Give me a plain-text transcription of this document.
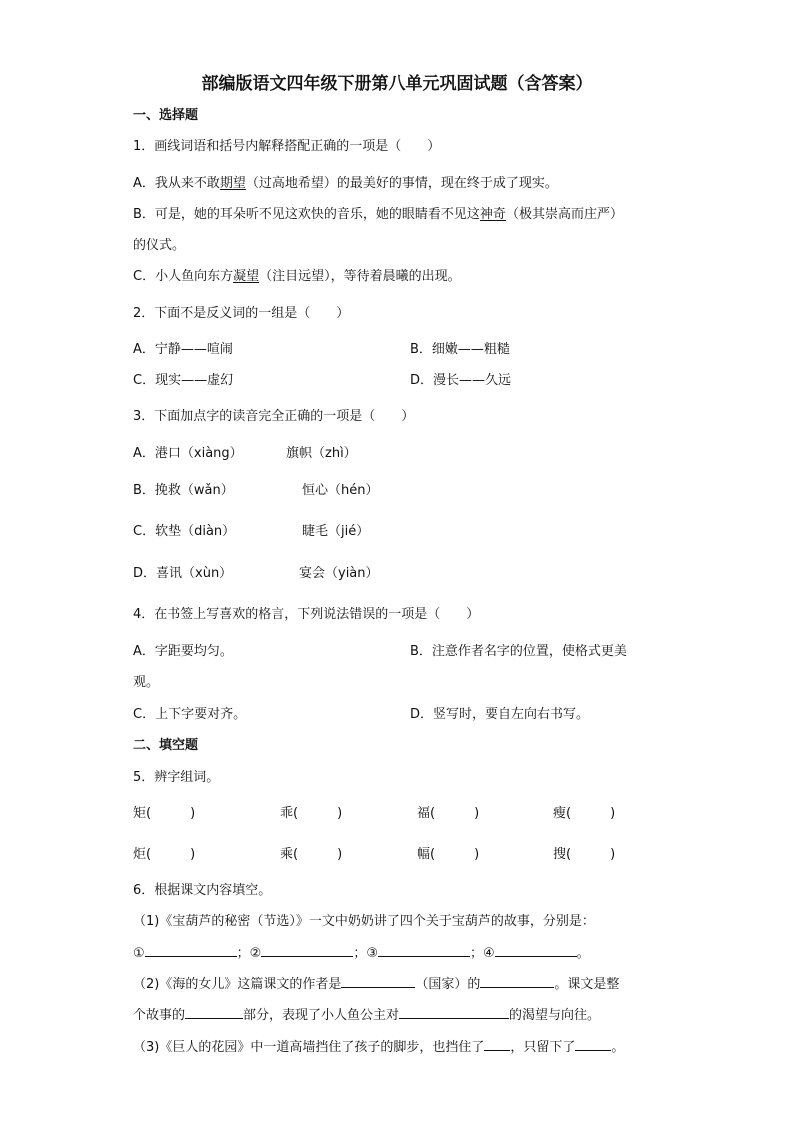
部编版语文四年级下册第八单元巩固试题（含答案）
一、选择题
1．画线词语和括号内解释搭配正确的一项是（　　）
A．我从来不敢期望（过高地希望）的最美好的事情，现在终于成了现实。
B．可是，她的耳朵听不见这欢快的音乐，她的眼睛看不见这神奇（极其崇高而庄严）
的仪式。
C．小人鱼向东方凝望（注目远望），等待着晨曦的出现。
2．下面不是反义词的一组是（　　）
A．宁静——喧闹	B．细嫩——粗糙
C．现实——虚幻	D．漫长——久远
3．下面加点字的读音完全正确的一项是（　　）
A．港口（xiàng）	旗帜（zhì）
B．挽救（wǎn）	恒心（hén）
C．软垫（diàn）	睫毛（jié）
D．喜讯（xùn）	宴会（yiàn）
4．在书签上写喜欢的格言，下列说法错误的一项是（　　）
A．字距要均匀。	B．注意作者名字的位置，使格式更美
观。
C．上下字要对齐。	D．竖写时，要自左向右书写。
二、填空题
5．辨字组词。
矩(　　　)	乖(　　　)	福(　　　)	瘦(　　　)
炬(　　　)	乘(　　　)	幅(　　　)	搜(　　　)
6．根据课文内容填空。
（1)《宝葫芦的秘密（节选）》一文中奶奶讲了四个关于宝葫芦的故事，分别是：
①	；②	；③	；④	。
（2)《海的女儿》这篇课文的作者是	（国家）的	。课文是整
个故事的	部分，表现了小人鱼公主对	的渴望与向往。
（3)《巨人的花园》中一道高墙挡住了孩子的脚步，也挡住了 ，只留下了	。
